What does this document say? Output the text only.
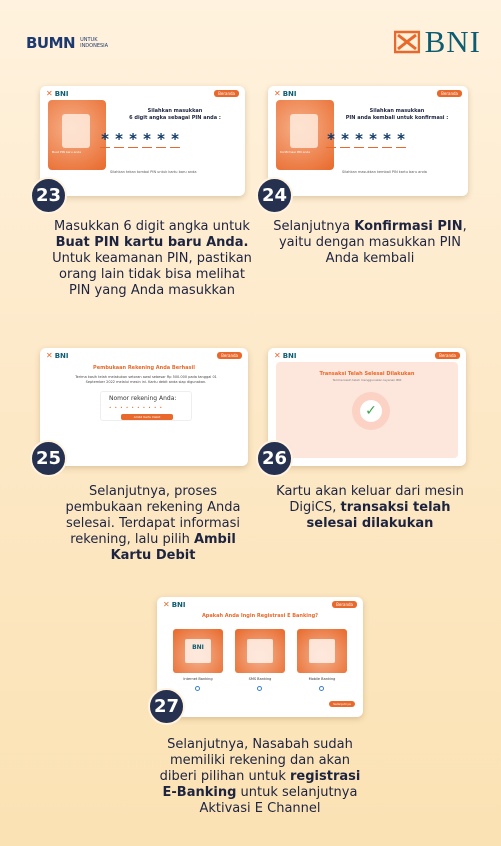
BUMN UNTUK
INDONESIA	BNI
✕ BNI	Beranda
Buat PIN baru anda
Silahkan masukkan
6 digit angka sebagai PIN anda :
* * * * * *
Silahkan tekan tombol PIN untuk kartu baru anda
23
Masukkan 6 digit angka untuk Buat PIN kartu baru Anda. Untuk keamanan PIN, pastikan orang lain tidak bisa melihat PIN yang Anda masukkan
✕ BNI	Beranda
Konfirmasi PIN anda
Silahkan masukkan
PIN anda kembali untuk konfirmasi :
* * * * * *
Silahkan masukkan kembali PIN kartu baru anda
24
Selanjutnya Konfirmasi PIN, yaitu dengan masukkan PIN Anda kembali
✕ BNI	Beranda
Pembukaan Rekening Anda Berhasil
Terima kasih telah melakukan setoran awal sebesar Rp 500.000 pada tanggal 01 September 2022 melalui mesin ini. Kartu debit anda siap digunakan.
Nomor rekening Anda:
• • • • • • • • • •
Ambil Kartu Debit
25
Selanjutnya, proses pembukaan rekening Anda selesai. Terdapat informasi rekening, lalu pilih Ambil Kartu Debit
✕ BNI	Beranda
Transaksi Telah Selesai Dilakukan
Terima kasih telah menggunakan layanan BNI
✓
26
Kartu akan keluar dari mesin DigiCS, transaksi telah selesai dilakukan
✕ BNI	Beranda
Apakah Anda Ingin Registrasi E Banking?
BNI
Internet Banking	SMS Banking	Mobile Banking
Selanjutnya
27
Selanjutnya, Nasabah sudah memiliki rekening dan akan diberi pilihan untuk registrasi E-Banking untuk selanjutnya Aktivasi E Channel
